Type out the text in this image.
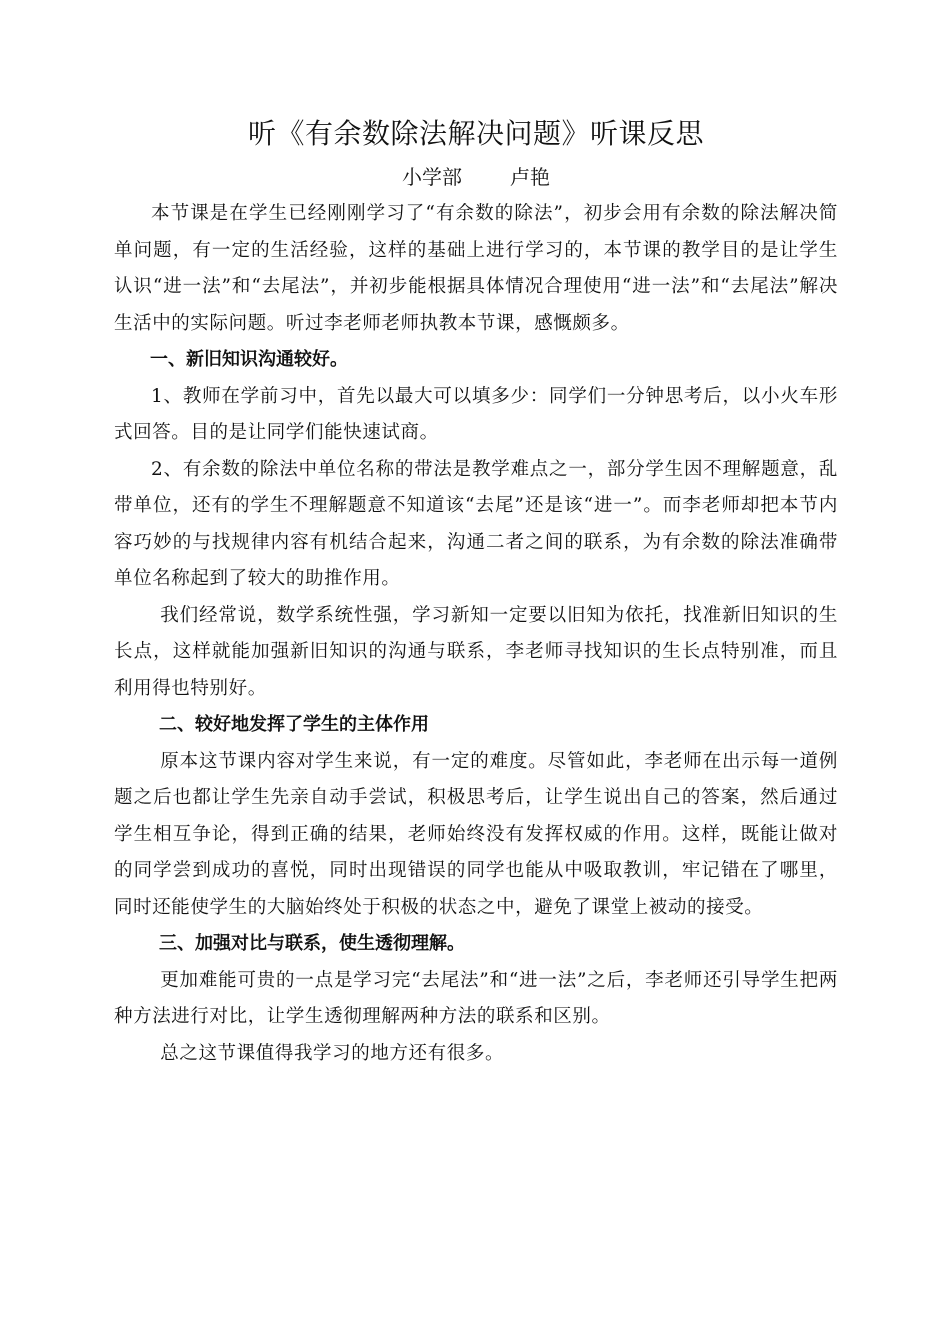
听《有余数除法解决问题》听课反思
小学部 卢艳

本节课是在学生已经刚刚学习了“有余数的除法”，初步会用有余数的除法解决简单问题，有一定的生活经验，这样的基础上进行学习的，本节课的教学目的是让学生认识“进一法”和“去尾法”，并初步能根据具体情况合理使用“进一法”和“去尾法”解决生活中的实际问题。听过李老师老师执教本节课，感慨颇多。

一、新旧知识沟通较好。

1、教师在学前习中，首先以最大可以填多少：同学们一分钟思考后，以小火车形式回答。目的是让同学们能快速试商。

2、有余数的除法中单位名称的带法是教学难点之一，部分学生因不理解题意，乱带单位，还有的学生不理解题意不知道该“去尾”还是该“进一”。而李老师却把本节内容巧妙的与找规律内容有机结合起来，沟通二者之间的联系，为有余数的除法准确带单位名称起到了较大的助推作用。

我们经常说，数学系统性强，学习新知一定要以旧知为依托，找准新旧知识的生长点，这样就能加强新旧知识的沟通与联系，李老师寻找知识的生长点特别准，而且利用得也特别好。

二、较好地发挥了学生的主体作用

原本这节课内容对学生来说，有一定的难度。尽管如此，李老师在出示每一道例题之后也都让学生先亲自动手尝试，积极思考后，让学生说出自己的答案，然后通过学生相互争论，得到正确的结果，老师始终没有发挥权威的作用。这样，既能让做对的同学尝到成功的喜悦，同时出现错误的同学也能从中吸取教训，牢记错在了哪里，同时还能使学生的大脑始终处于积极的状态之中，避免了课堂上被动的接受。

三、加强对比与联系，使生透彻理解。

更加难能可贵的一点是学习完“去尾法”和“进一法”之后，李老师还引导学生把两种方法进行对比，让学生透彻理解两种方法的联系和区别。

总之这节课值得我学习的地方还有很多。
